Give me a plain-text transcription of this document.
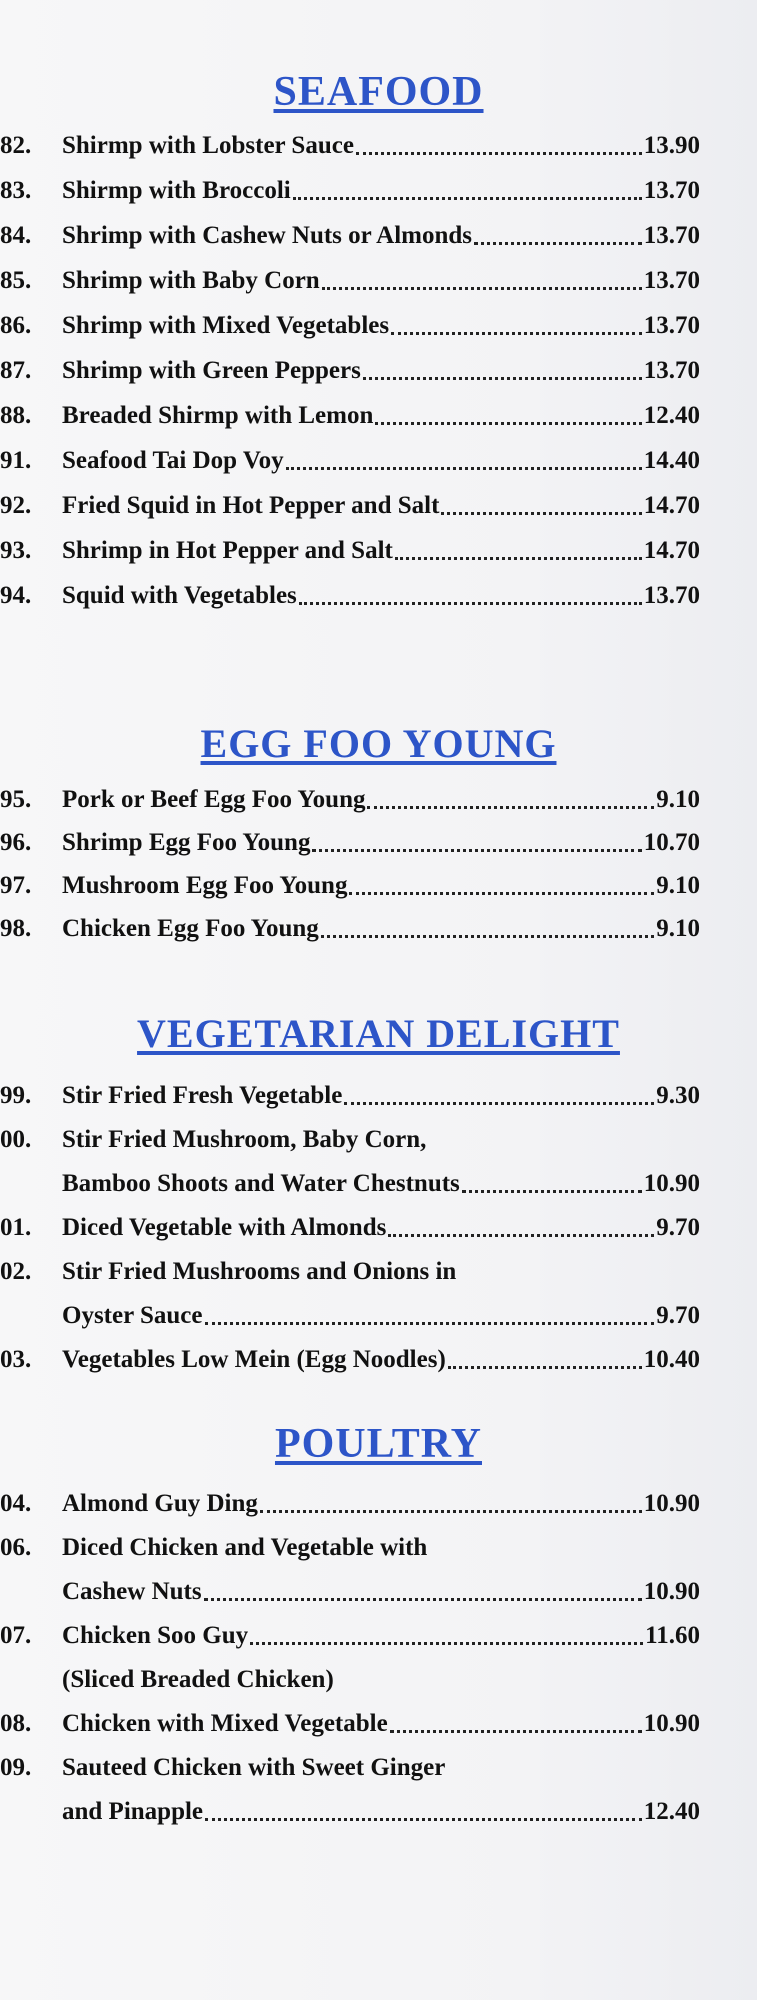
SEAFOOD
82. Shirmp with Lobster Sauce	13.90
83. Shirmp with Broccoli	13.70
84. Shrimp with Cashew Nuts or Almonds	13.70
85. Shrimp with Baby Corn	13.70
86. Shrimp with Mixed Vegetables	13.70
87. Shrimp with Green Peppers	13.70
88. Breaded Shirmp with Lemon	12.40
91. Seafood Tai Dop Voy	14.40
92. Fried Squid in Hot Pepper and Salt	14.70
93. Shrimp in Hot Pepper and Salt	14.70
94. Squid with Vegetables	13.70
EGG FOO YOUNG
95. Pork or Beef Egg Foo Young	9.10
96. Shrimp Egg Foo Young	10.70
97. Mushroom Egg Foo Young	9.10
98. Chicken Egg Foo Young	9.10
VEGETARIAN DELIGHT
99. Stir Fried Fresh Vegetable	9.30
00. Stir Fried Mushroom, Baby Corn,
Bamboo Shoots and Water Chestnuts	10.90
01. Diced Vegetable with Almonds	9.70
02. Stir Fried Mushrooms and Onions in
Oyster Sauce	9.70
03. Vegetables Low Mein (Egg Noodles)	10.40
POULTRY
04. Almond Guy Ding	10.90
06. Diced Chicken and Vegetable with
Cashew Nuts	10.90
07. Chicken Soo Guy	11.60
(Sliced Breaded Chicken)
08. Chicken with Mixed Vegetable	10.90
09. Sauteed Chicken with Sweet Ginger
and Pinapple	12.40
